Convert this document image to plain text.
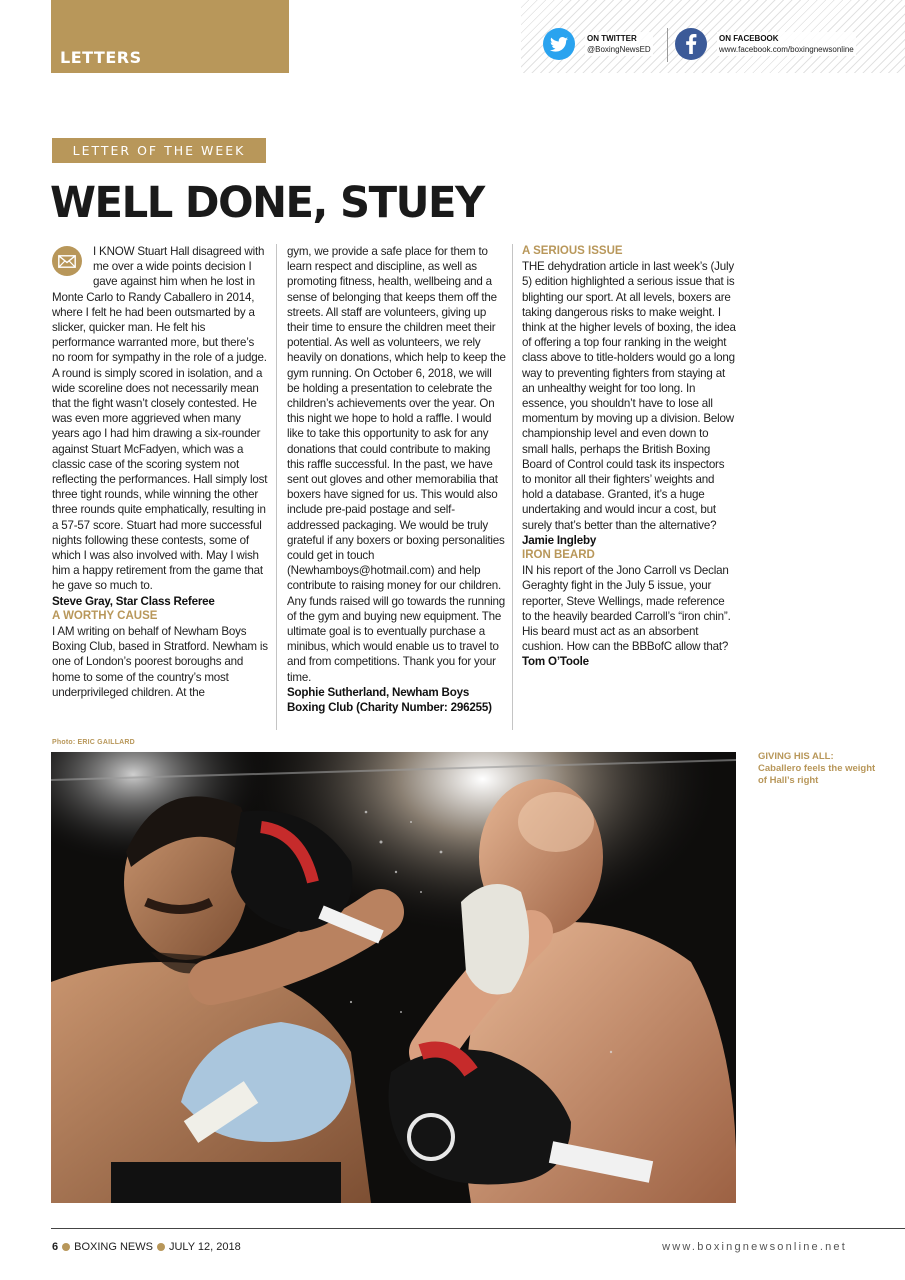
LETTERS
ON TWITTER
@BoxingNewsED
ON FACEBOOK
www.facebook.com/boxingnewsonline
LETTER OF THE WEEK
WELL DONE, STUEY

I KNOW Stuart Hall disagreed with me over a wide points decision I gave against him when he lost in Monte Carlo to Randy Caballero in 2014, where I felt he had been outsmarted by a slicker, quicker man. He felt his performance warranted more, but there’s no room for sympathy in the role of a judge. A round is simply scored in isolation, and a wide scoreline does not necessarily mean that the fight wasn’t closely contested. He was even more aggrieved when many years ago I had him drawing a six-rounder against Stuart McFadyen, which was a classic case of the scoring system not reflecting the performances. Hall simply lost three tight rounds, while winning the other three rounds quite emphatically, resulting in a 57-57 score. Stuart had more successful nights following these contests, some of which I was also involved with. May I wish him a happy retirement from the game that he gave so much to.

Steve Gray, Star Class Referee

A WORTHY CAUSE

I AM writing on behalf of Newham Boys Boxing Club, based in Stratford. Newham is one of London’s poorest boroughs and home to some of the country’s most underprivileged children. At the

gym, we provide a safe place for them to learn respect and discipline, as well as promoting fitness, health, wellbeing and a sense of belonging that keeps them off the streets. All staff are volunteers, giving up their time to ensure the children meet their potential. As well as volunteers, we rely heavily on donations, which help to keep the gym running. On October 6, 2018, we will be holding a presentation to celebrate the children’s achievements over the year. On this night we hope to hold a raffle. I would like to take this opportunity to ask for any donations that could contribute to making this raffle successful. In the past, we have sent out gloves and other memorabilia that boxers have signed for us. This would also include pre-paid postage and self-addressed packaging. We would be truly grateful if any boxers or boxing personalities could get in touch (Newhamboys@hotmail.com) and help contribute to raising money for our children. Any funds raised will go towards the running of the gym and buying new equipment. The ultimate goal is to eventually purchase a minibus, which would enable us to travel to and from competitions. Thank you for your time.

Sophie Sutherland, Newham Boys Boxing Club (Charity Number: 296255)

A SERIOUS ISSUE

THE dehydration article in last week’s (July 5) edition highlighted a serious issue that is blighting our sport. At all levels, boxers are taking dangerous risks to make weight. I think at the higher levels of boxing, the idea of offering a top four ranking in the weight class above to title-holders would go a long way to preventing fighters from staying at an unhealthy weight for too long. In essence, you shouldn’t have to lose all momentum by moving up a division. Below championship level and even down to small halls, perhaps the British Boxing Board of Control could task its inspectors to monitor all their fighters’ weights and hold a database. Granted, it’s a huge undertaking and would incur a cost, but surely that’s better than the alternative?

Jamie Ingleby

IRON BEARD

IN his report of the Jono Carroll vs Declan Geraghty fight in the July 5 issue, your reporter, Steve Wellings, made reference to the heavily bearded Carroll’s “iron chin”. His beard must act as an absorbent cushion. How can the BBBofC allow that?

Tom O’Toole

Photo: ERIC GAILLARD
GIVING HIS ALL: Caballero feels the weight of Hall’s right
6 BOXING NEWS JULY 12, 2018	www.boxingnewsonline.net
